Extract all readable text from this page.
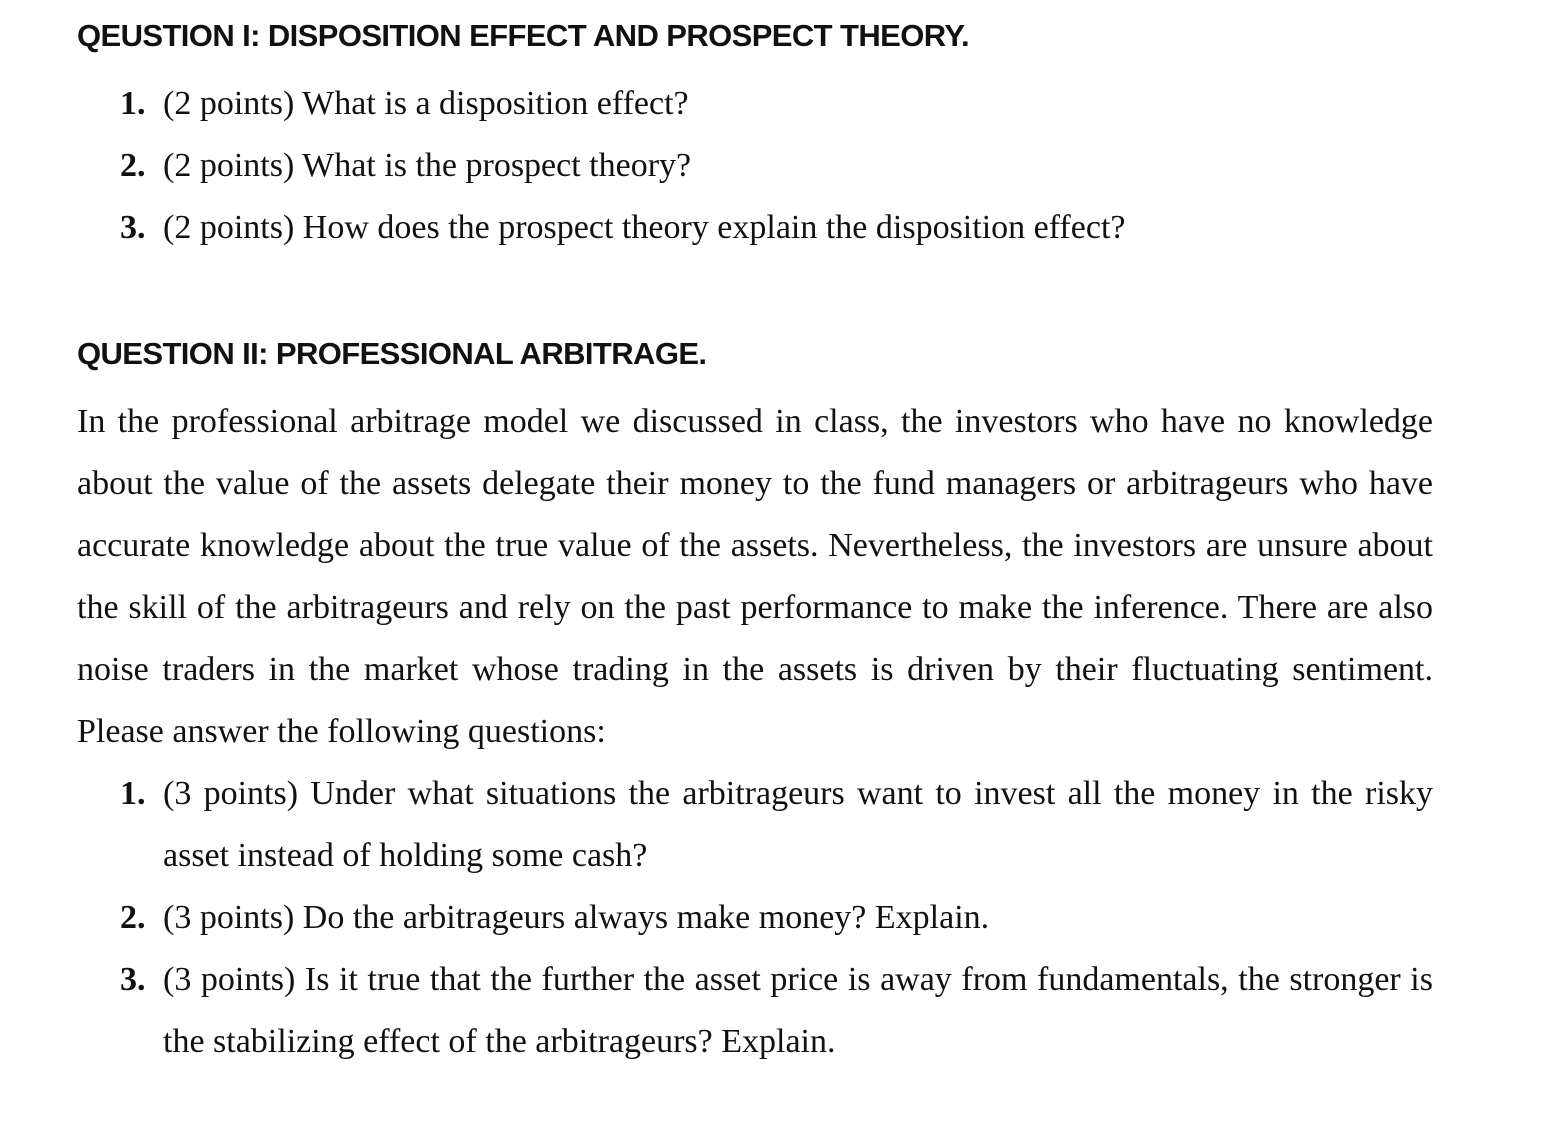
QEUSTION I: DISPOSITION EFFECT AND PROSPECT THEORY.
1. (2 points) What is a disposition effect?
2. (2 points) What is the prospect theory?
3. (2 points) How does the prospect theory explain the disposition effect?
QUESTION II: PROFESSIONAL ARBITRAGE.

In the professional arbitrage model we discussed in class, the investors who have no knowledge about the value of the assets delegate their money to the fund managers or arbitrageurs who have accurate knowledge about the true value of the assets. Nevertheless, the investors are unsure about the skill of the arbitrageurs and rely on the past performance to make the inference. There are also noise traders in the market whose trading in the assets is driven by their fluctuating sentiment. Please answer the following questions:

1. (3 points) Under what situations the arbitrageurs want to invest all the money in the risky asset instead of holding some cash?
2. (3 points) Do the arbitrageurs always make money? Explain.
3. (3 points) Is it true that the further the asset price is away from fundamentals, the stronger is the stabilizing effect of the arbitrageurs? Explain.
